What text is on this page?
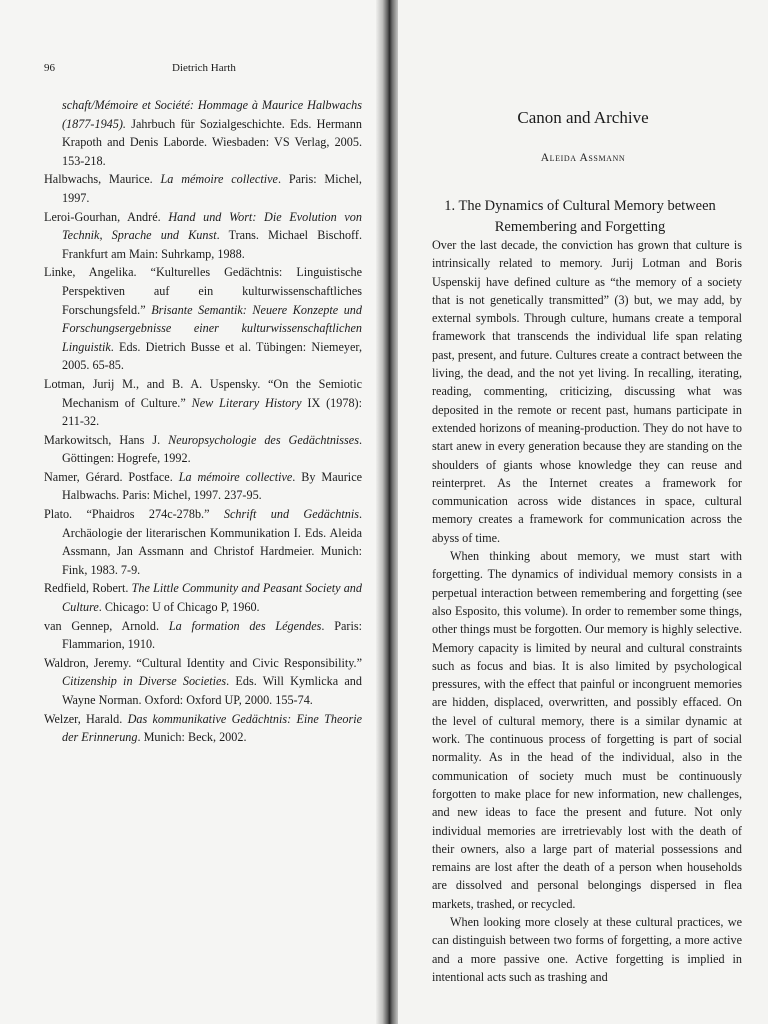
96	Dietrich Harth

schaft/Mémoire et Société: Hommage à Maurice Halbwachs (1877-1945). Jahrbuch für Sozialgeschichte. Eds. Hermann Krapoth and Denis Laborde. Wiesbaden: VS Verlag, 2005. 153-218.

Halbwachs, Maurice. La mémoire collective. Paris: Michel, 1997.

Leroi-Gourhan, André. Hand und Wort: Die Evolution von Technik, Sprache und Kunst. Trans. Michael Bischoff. Frankfurt am Main: Suhrkamp, 1988.

Linke, Angelika. “Kulturelles Gedächtnis: Linguistische Perspektiven auf ein kulturwissenschaftliches Forschungsfeld.” Brisante Semantik: Neuere Konzepte und Forschungsergebnisse einer kulturwissenschaftlichen Linguistik. Eds. Dietrich Busse et al. Tübingen: Niemeyer, 2005. 65-85.

Lotman, Jurij M., and B. A. Uspensky. “On the Semiotic Mechanism of Culture.” New Literary History IX (1978): 211-32.

Markowitsch, Hans J. Neuropsychologie des Gedächtnisses. Göttingen: Hogrefe, 1992.

Namer, Gérard. Postface. La mémoire collective. By Maurice Halbwachs. Paris: Michel, 1997. 237-95.

Plato. “Phaidros 274c-278b.” Schrift und Gedächtnis. Archäologie der literarischen Kommunikation I. Eds. Aleida Assmann, Jan Assmann and Christof Hardmeier. Munich: Fink, 1983. 7-9.

Redfield, Robert. The Little Community and Peasant Society and Culture. Chicago: U of Chicago P, 1960.

van Gennep, Arnold. La formation des Légendes. Paris: Flammarion, 1910.

Waldron, Jeremy. “Cultural Identity and Civic Responsibility.” Citizenship in Diverse Societies. Eds. Will Kymlicka and Wayne Norman. Oxford: Oxford UP, 2000. 155-74.

Welzer, Harald. Das kommunikative Gedächtnis: Eine Theorie der Erinnerung. Munich: Beck, 2002.

Canon and Archive
Aleida Assmann
1. The Dynamics of Cultural Memory between Remembering and Forgetting

Over the last decade, the conviction has grown that culture is intrinsically related to memory. Jurij Lotman and Boris Uspenskij have defined culture as “the memory of a society that is not genetically transmitted” (3) but, we may add, by external symbols. Through culture, humans create a temporal framework that transcends the individual life span relating past, present, and future. Cultures create a contract between the living, the dead, and the not yet living. In recalling, iterating, reading, commenting, criticizing, discussing what was deposited in the remote or recent past, humans participate in extended horizons of meaning-production. They do not have to start anew in every generation because they are standing on the shoulders of giants whose knowledge they can reuse and reinterpret. As the Internet creates a framework for communication across wide distances in space, cultural memory creates a framework for communication across the abyss of time.

When thinking about memory, we must start with forgetting. The dynamics of individual memory consists in a perpetual interaction between remembering and forgetting (see also Esposito, this volume). In order to remember some things, other things must be forgotten. Our memory is highly selective. Memory capacity is limited by neural and cultural constraints such as focus and bias. It is also limited by psychological pressures, with the effect that painful or incongruent memories are hidden, displaced, overwritten, and possibly effaced. On the level of cultural memory, there is a similar dynamic at work. The continuous process of forgetting is part of social normality. As in the head of the individual, also in the communication of society much must be continuously forgotten to make place for new information, new challenges, and new ideas to face the present and future. Not only individual memories are irretrievably lost with the death of their owners, also a large part of material possessions and remains are lost after the death of a person when households are dissolved and personal belongings dispersed in flea markets, trashed, or recycled.

When looking more closely at these cultural practices, we can distinguish between two forms of forgetting, a more active and a more passive one. Active forgetting is implied in intentional acts such as trashing and
